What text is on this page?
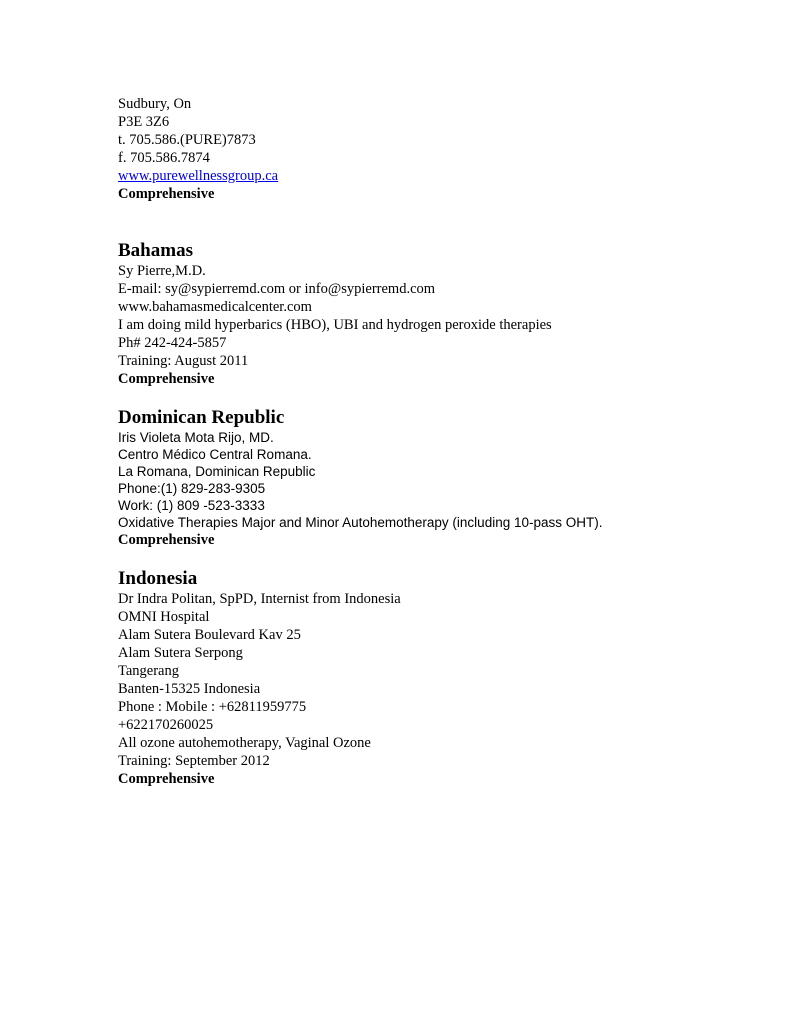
Sudbury, On
P3E 3Z6
t. 705.586.(PURE)7873
f. 705.586.7874
www.purewellnessgroup.ca
Comprehensive
Bahamas
Sy Pierre,M.D.
E-mail: sy@sypierremd.com or info@sypierremd.com
www.bahamasmedicalcenter.com
I am doing mild hyperbarics (HBO), UBI and hydrogen peroxide therapies
Ph# 242-424-5857
Training: August 2011
Comprehensive
Dominican Republic
Iris Violeta Mota Rijo, MD.
Centro Médico Central Romana.
La Romana, Dominican Republic
Phone:(1) 829-283-9305
Work: (1) 809 -523-3333
Oxidative Therapies Major and Minor Autohemotherapy (including 10-pass OHT).
Comprehensive
Indonesia
Dr Indra Politan, SpPD, Internist from Indonesia
OMNI Hospital
Alam Sutera Boulevard Kav 25
Alam Sutera Serpong
Tangerang
Banten-15325 Indonesia
Phone : Mobile : +62811959775
+622170260025
All ozone autohemotherapy, Vaginal Ozone
Training: September 2012
Comprehensive
